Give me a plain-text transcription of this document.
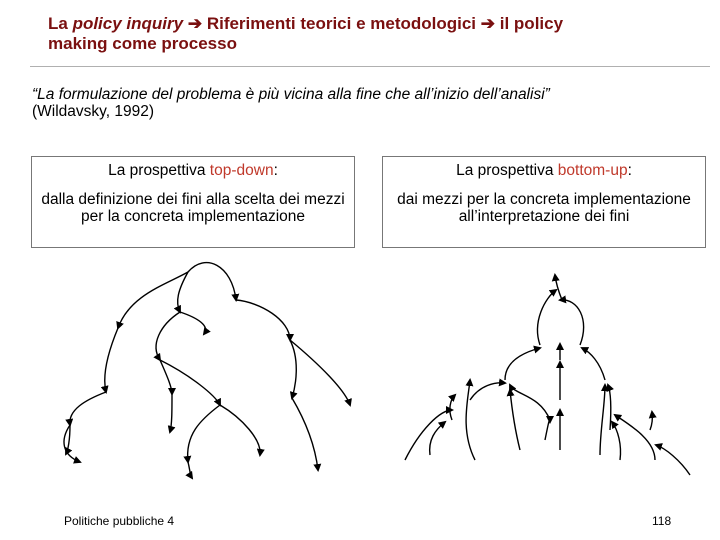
La policy inquiry ➔ Riferimenti teorici e metodologici ➔ il policy
making come processo
“La formulazione del problema è più vicina alla fine che all’inizio dell’analisi”
(Wildavsky, 1992)
La prospettiva top-down:
dalla definizione dei fini alla scelta dei mezzi per la concreta implementazione
La prospettiva bottom-up:
dai mezzi per la concreta implementazione all’interpretazione dei fini
Politiche pubbliche 4	118
